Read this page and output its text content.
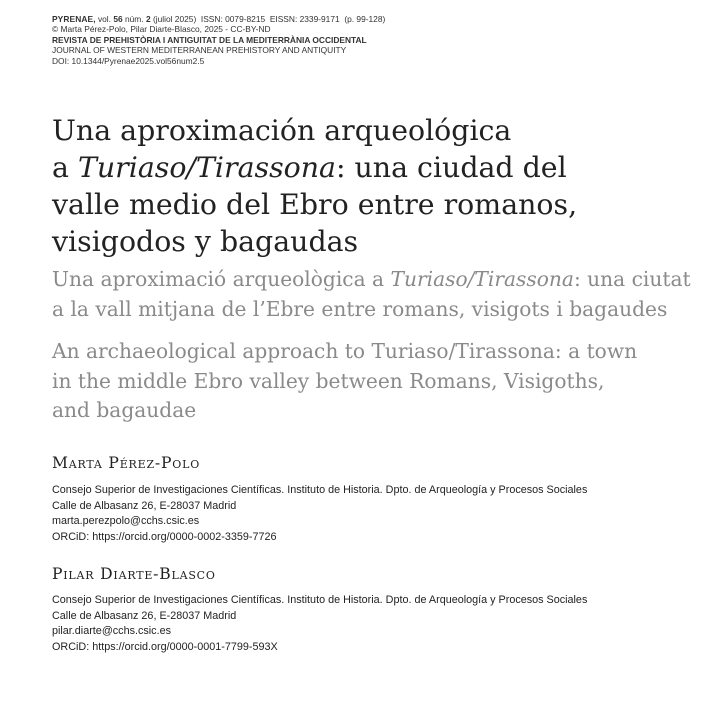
PYRENAE, vol. 56 núm. 2 (juliol 2025) ISSN: 0079-8215 EISSN: 2339-9171 (p. 99-128)
© Marta Pérez-Polo, Pilar Diarte-Blasco, 2025 - CC-BY-ND
REVISTA DE PREHISTÒRIA I ANTIGUITAT DE LA MEDITERRÀNIA OCCIDENTAL
JOURNAL OF WESTERN MEDITERRANEAN PREHISTORY AND ANTIQUITY
DOI: 10.1344/Pyrenae2025.vol56num2.5
Una aproximación arqueológica
a Turiaso/Tirassona: una ciudad del
valle medio del Ebro entre romanos,
visigodos y bagaudas
Una aproximació arqueològica a Turiaso/Tirassona: una ciutat
a la vall mitjana de l’Ebre entre romans, visigots i bagaudes
An archaeological approach to Turiaso/Tirassona: a town
in the middle Ebro valley between Romans, Visigoths,
and bagaudae
Marta Pérez-Polo
Consejo Superior de Investigaciones Científicas. Instituto de Historia. Dpto. de Arqueología y Procesos Sociales
Calle de Albasanz 26, E-28037 Madrid
marta.perezpolo@cchs.csic.es
ORCiD: https://orcid.org/0000-0002-3359-7726
Pilar Diarte-Blasco
Consejo Superior de Investigaciones Científicas. Instituto de Historia. Dpto. de Arqueología y Procesos Sociales
Calle de Albasanz 26, E-28037 Madrid
pilar.diarte@cchs.csic.es
ORCiD: https://orcid.org/0000-0001-7799-593X
